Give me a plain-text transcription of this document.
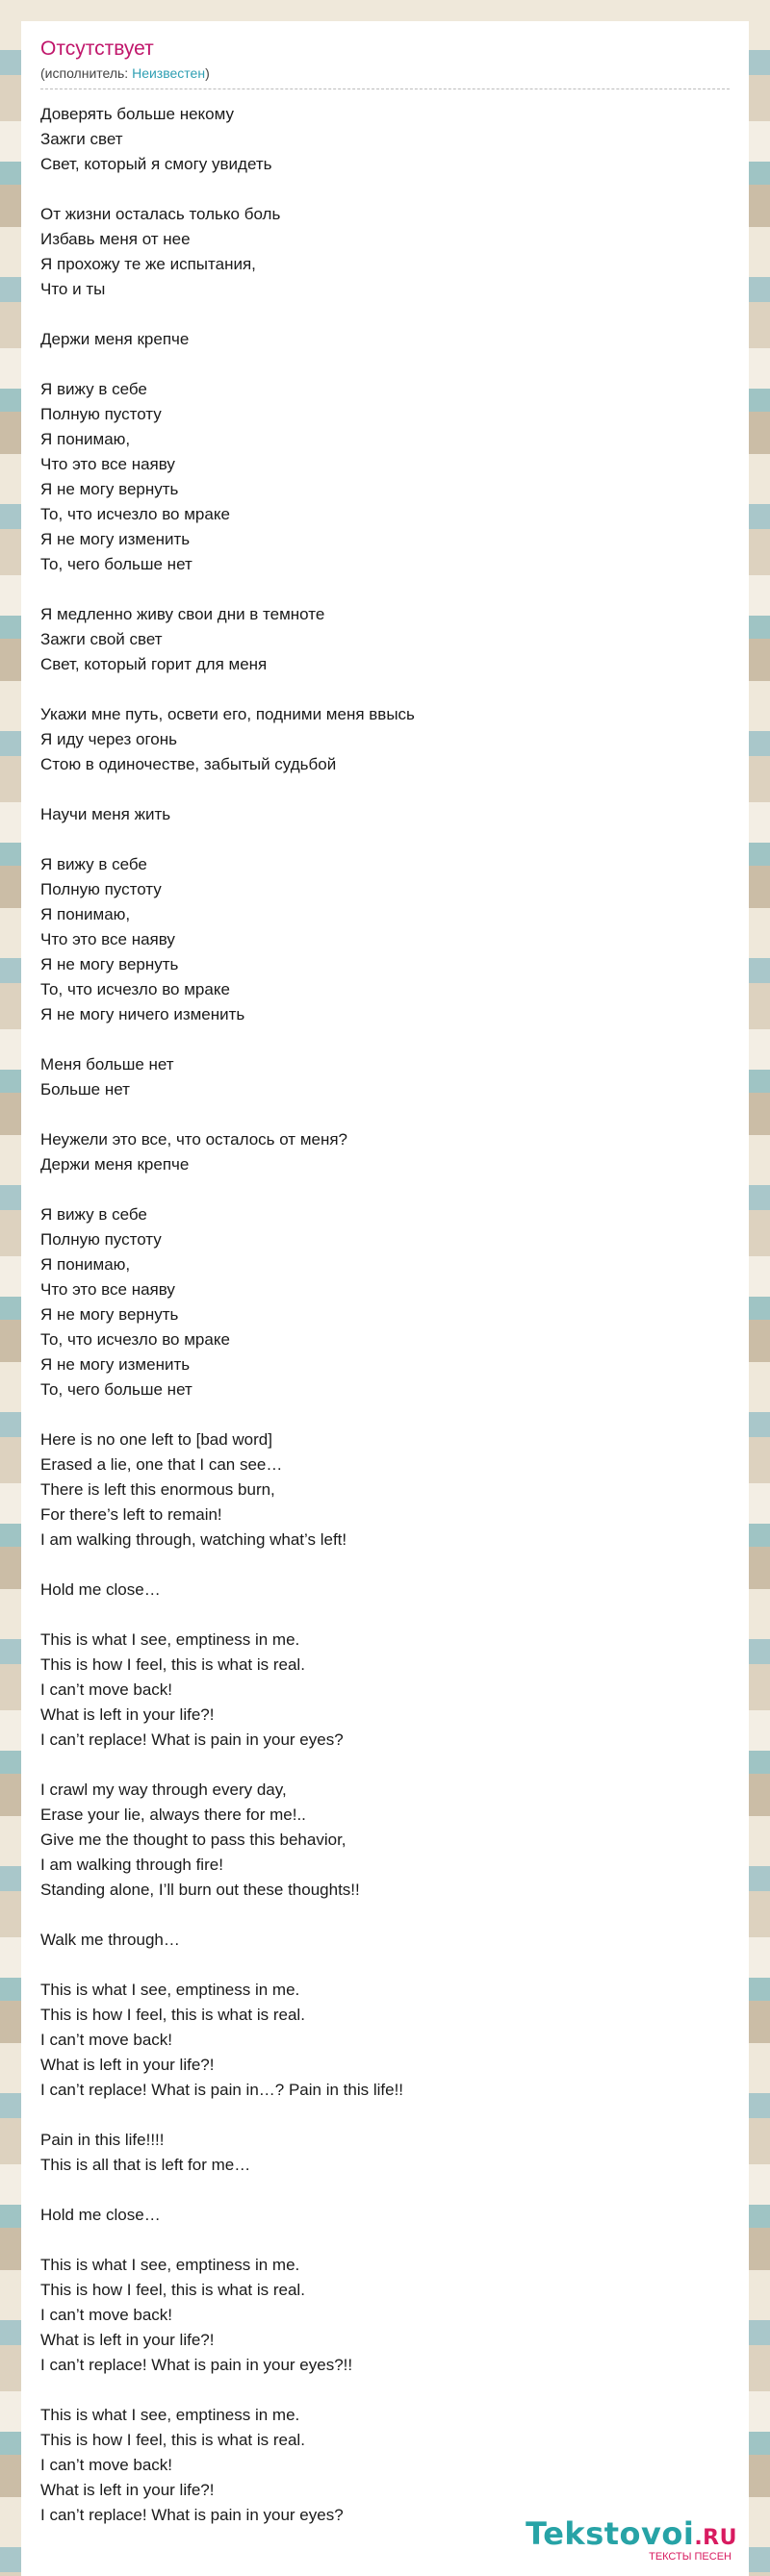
Отсутствует
(исполнитель: Неизвестен)
Доверять больше некому
Зажги свет
Свет, который я смогу увидеть
От жизни осталась только боль
Избавь меня от нее
Я прохожу те же испытания,
Что и ты
Держи меня крепче
Я вижу в себе
Полную пустоту
Я понимаю,
Что это все наяву
Я не могу вернуть
То, что исчезло во мраке
Я не могу изменить
То, чего больше нет
Я медленно живу свои дни в темноте
Зажги свой свет
Свет, который горит для меня
Укажи мне путь, освети его, подними меня ввысь
Я иду через огонь
Стою в одиночестве, забытый судьбой
Научи меня жить
Я вижу в себе
Полную пустоту
Я понимаю,
Что это все наяву
Я не могу вернуть
То, что исчезло во мраке
Я не могу ничего изменить
Меня больше нет
Больше нет
Неужели это все, что осталось от меня?
Держи меня крепче
Я вижу в себе
Полную пустоту
Я понимаю,
Что это все наяву
Я не могу вернуть
То, что исчезло во мраке
Я не могу изменить
То, чего больше нет
Here is no one left to [bad word]
Erased a lie, one that I can see…
There is left this enormous burn,
For there’s left to remain!
I am walking through, watching what’s left!
Hold me close…
This is what I see, emptiness in me.
This is how I feel, this is what is real.
I can’t move back!
What is left in your life?!
I can’t replace! What is pain in your eyes?
I crawl my way through every day,
Erase your lie, always there for me!..
Give me the thought to pass this behavior,
I am walking through fire!
Standing alone, I’ll burn out these thoughts!!
Walk me through…
This is what I see, emptiness in me.
This is how I feel, this is what is real.
I can’t move back!
What is left in your life?!
I can’t replace! What is pain in…? Pain in this life!!
Pain in this life!!!!
This is all that is left for me…
Hold me close…
This is what I see, emptiness in me.
This is how I feel, this is what is real.
I can’t move back!
What is left in your life?!
I can’t replace! What is pain in your eyes?!!
This is what I see, emptiness in me.
This is how I feel, this is what is real.
I can’t move back!
What is left in your life?!
I can’t replace! What is pain in your eyes?
Tekstovoi.RU
ТЕКСТЫ ПЕСЕН
